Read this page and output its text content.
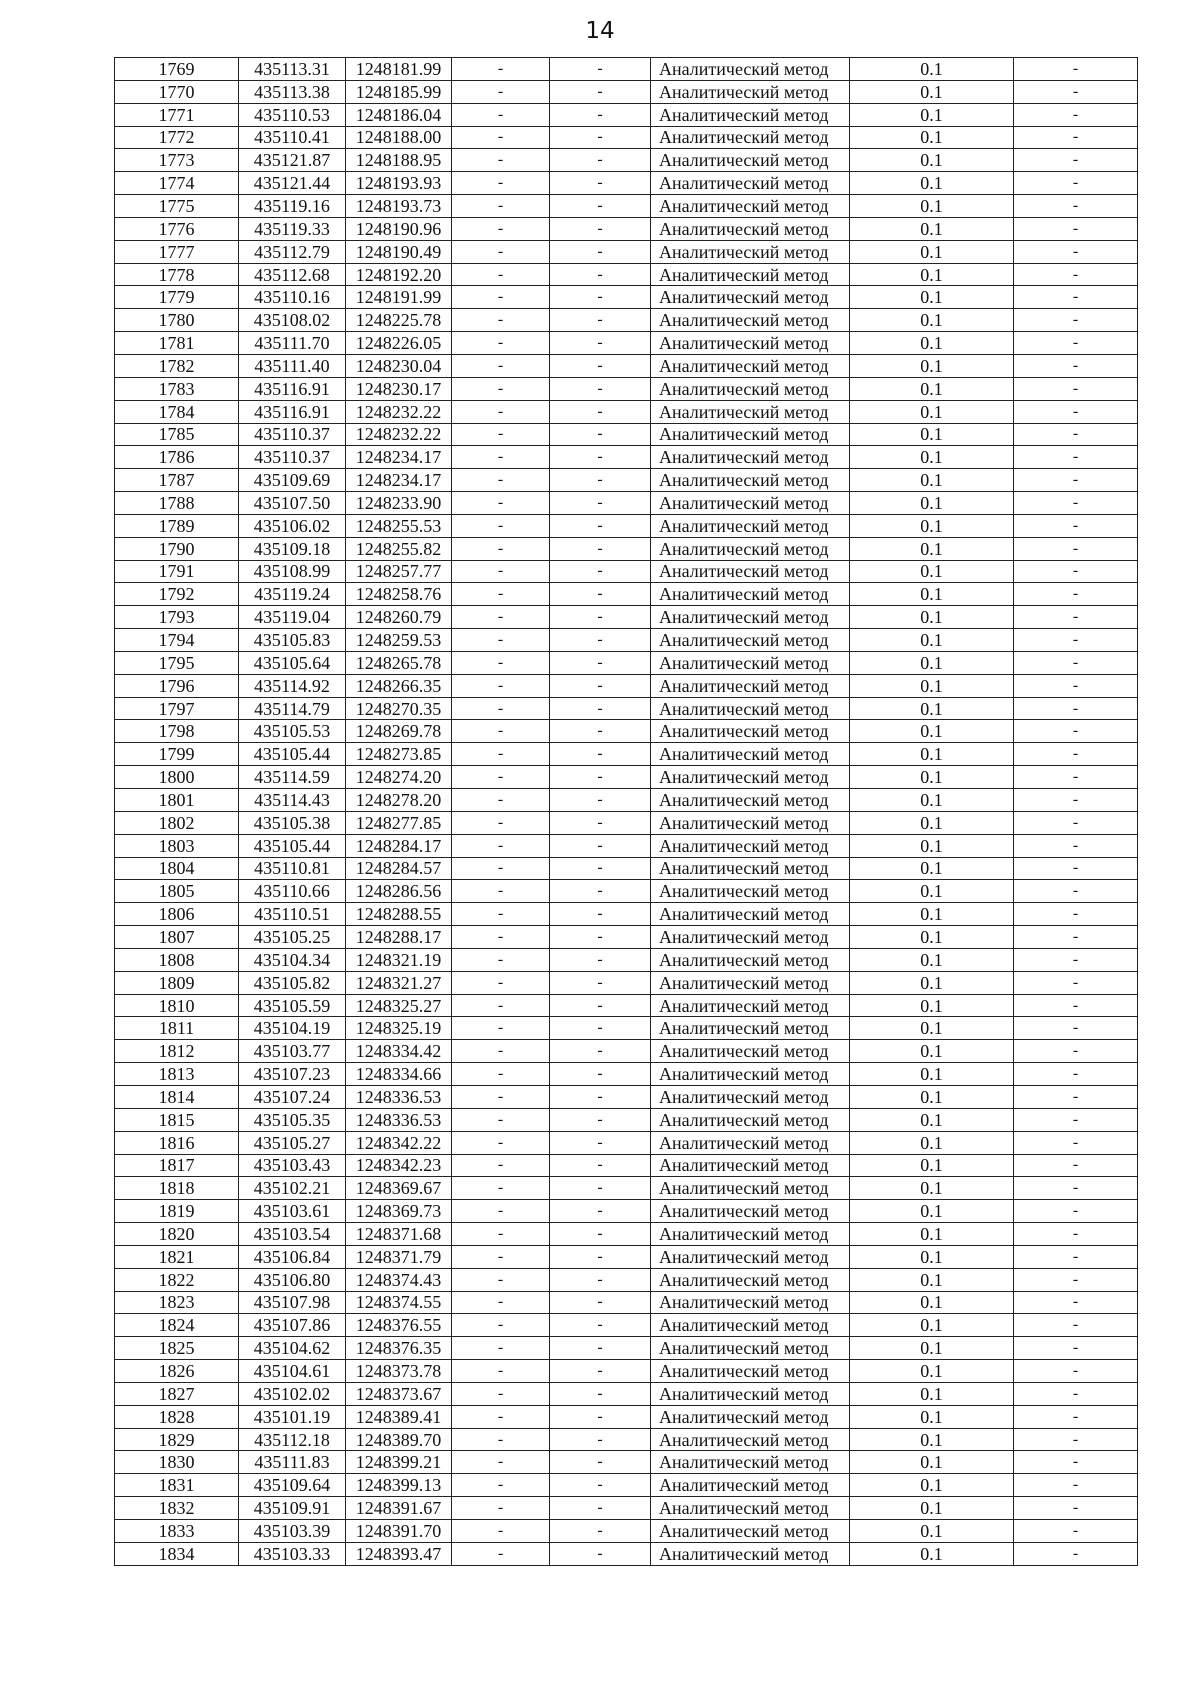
14
1769	435113.31	1248181.99	-	-	Аналитический метод	0.1	-
1770	435113.38	1248185.99	-	-	Аналитический метод	0.1	-
1771	435110.53	1248186.04	-	-	Аналитический метод	0.1	-
1772	435110.41	1248188.00	-	-	Аналитический метод	0.1	-
1773	435121.87	1248188.95	-	-	Аналитический метод	0.1	-
1774	435121.44	1248193.93	-	-	Аналитический метод	0.1	-
1775	435119.16	1248193.73	-	-	Аналитический метод	0.1	-
1776	435119.33	1248190.96	-	-	Аналитический метод	0.1	-
1777	435112.79	1248190.49	-	-	Аналитический метод	0.1	-
1778	435112.68	1248192.20	-	-	Аналитический метод	0.1	-
1779	435110.16	1248191.99	-	-	Аналитический метод	0.1	-
1780	435108.02	1248225.78	-	-	Аналитический метод	0.1	-
1781	435111.70	1248226.05	-	-	Аналитический метод	0.1	-
1782	435111.40	1248230.04	-	-	Аналитический метод	0.1	-
1783	435116.91	1248230.17	-	-	Аналитический метод	0.1	-
1784	435116.91	1248232.22	-	-	Аналитический метод	0.1	-
1785	435110.37	1248232.22	-	-	Аналитический метод	0.1	-
1786	435110.37	1248234.17	-	-	Аналитический метод	0.1	-
1787	435109.69	1248234.17	-	-	Аналитический метод	0.1	-
1788	435107.50	1248233.90	-	-	Аналитический метод	0.1	-
1789	435106.02	1248255.53	-	-	Аналитический метод	0.1	-
1790	435109.18	1248255.82	-	-	Аналитический метод	0.1	-
1791	435108.99	1248257.77	-	-	Аналитический метод	0.1	-
1792	435119.24	1248258.76	-	-	Аналитический метод	0.1	-
1793	435119.04	1248260.79	-	-	Аналитический метод	0.1	-
1794	435105.83	1248259.53	-	-	Аналитический метод	0.1	-
1795	435105.64	1248265.78	-	-	Аналитический метод	0.1	-
1796	435114.92	1248266.35	-	-	Аналитический метод	0.1	-
1797	435114.79	1248270.35	-	-	Аналитический метод	0.1	-
1798	435105.53	1248269.78	-	-	Аналитический метод	0.1	-
1799	435105.44	1248273.85	-	-	Аналитический метод	0.1	-
1800	435114.59	1248274.20	-	-	Аналитический метод	0.1	-
1801	435114.43	1248278.20	-	-	Аналитический метод	0.1	-
1802	435105.38	1248277.85	-	-	Аналитический метод	0.1	-
1803	435105.44	1248284.17	-	-	Аналитический метод	0.1	-
1804	435110.81	1248284.57	-	-	Аналитический метод	0.1	-
1805	435110.66	1248286.56	-	-	Аналитический метод	0.1	-
1806	435110.51	1248288.55	-	-	Аналитический метод	0.1	-
1807	435105.25	1248288.17	-	-	Аналитический метод	0.1	-
1808	435104.34	1248321.19	-	-	Аналитический метод	0.1	-
1809	435105.82	1248321.27	-	-	Аналитический метод	0.1	-
1810	435105.59	1248325.27	-	-	Аналитический метод	0.1	-
1811	435104.19	1248325.19	-	-	Аналитический метод	0.1	-
1812	435103.77	1248334.42	-	-	Аналитический метод	0.1	-
1813	435107.23	1248334.66	-	-	Аналитический метод	0.1	-
1814	435107.24	1248336.53	-	-	Аналитический метод	0.1	-
1815	435105.35	1248336.53	-	-	Аналитический метод	0.1	-
1816	435105.27	1248342.22	-	-	Аналитический метод	0.1	-
1817	435103.43	1248342.23	-	-	Аналитический метод	0.1	-
1818	435102.21	1248369.67	-	-	Аналитический метод	0.1	-
1819	435103.61	1248369.73	-	-	Аналитический метод	0.1	-
1820	435103.54	1248371.68	-	-	Аналитический метод	0.1	-
1821	435106.84	1248371.79	-	-	Аналитический метод	0.1	-
1822	435106.80	1248374.43	-	-	Аналитический метод	0.1	-
1823	435107.98	1248374.55	-	-	Аналитический метод	0.1	-
1824	435107.86	1248376.55	-	-	Аналитический метод	0.1	-
1825	435104.62	1248376.35	-	-	Аналитический метод	0.1	-
1826	435104.61	1248373.78	-	-	Аналитический метод	0.1	-
1827	435102.02	1248373.67	-	-	Аналитический метод	0.1	-
1828	435101.19	1248389.41	-	-	Аналитический метод	0.1	-
1829	435112.18	1248389.70	-	-	Аналитический метод	0.1	-
1830	435111.83	1248399.21	-	-	Аналитический метод	0.1	-
1831	435109.64	1248399.13	-	-	Аналитический метод	0.1	-
1832	435109.91	1248391.67	-	-	Аналитический метод	0.1	-
1833	435103.39	1248391.70	-	-	Аналитический метод	0.1	-
1834	435103.33	1248393.47	-	-	Аналитический метод	0.1	-
